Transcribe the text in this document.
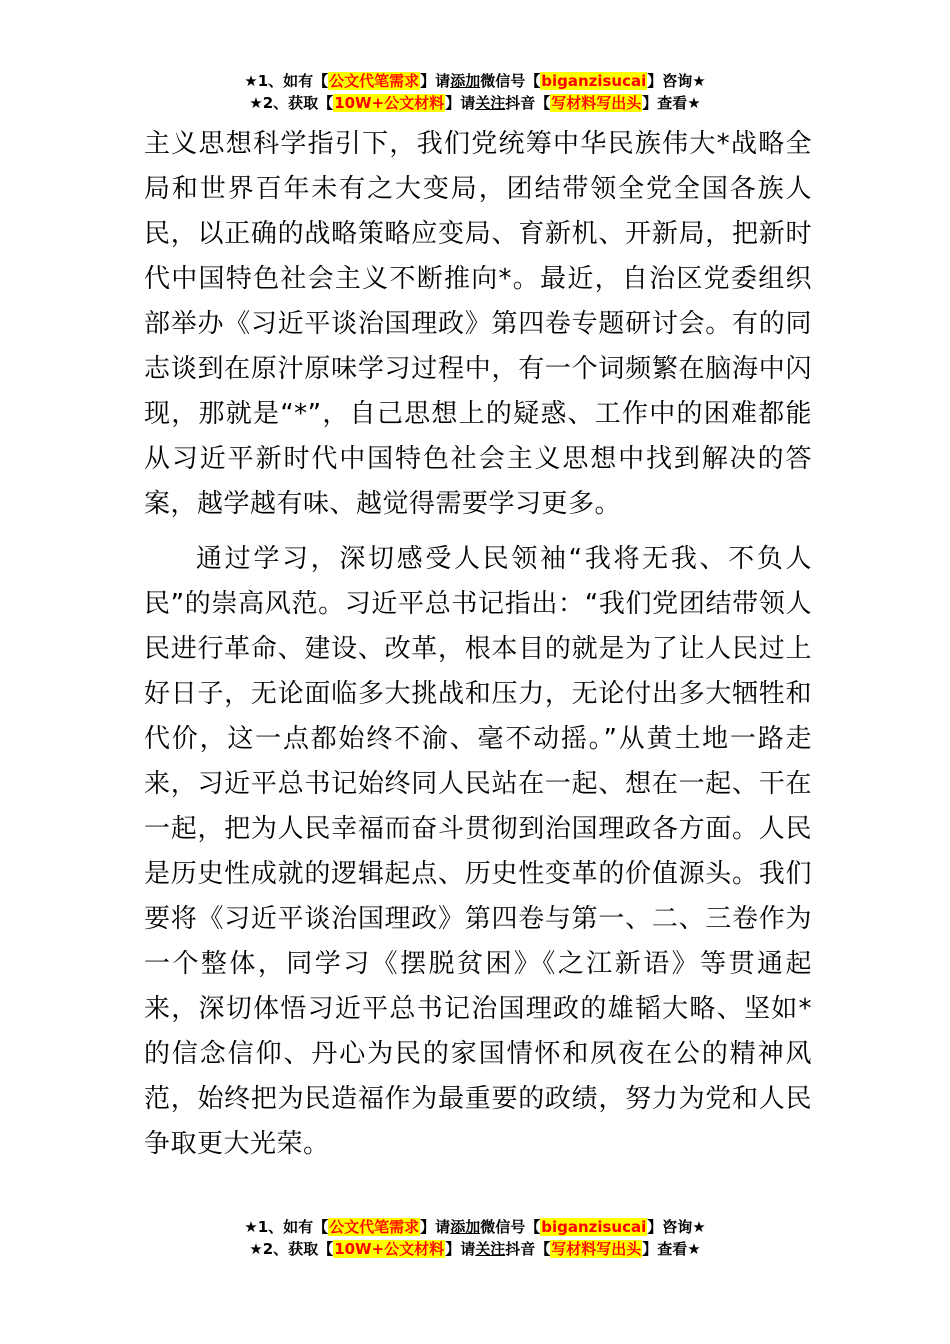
★1、如有【公文代笔需求】请添加微信号【biganzisucai】咨询★
★2、获取【10W+公文材料】请关注抖音【写材料写出头】查看★

主义思想科学指引下，我们党统筹中华民族伟大*战略全局和世界百年未有之大变局，团结带领全党全国各族人民，以正确的战略策略应变局、育新机、开新局，把新时代中国特色社会主义不断推向*。最近，自治区党委组织部举办《习近平谈治国理政》第四卷专题研讨会。有的同志谈到在原汁原味学习过程中，有一个词频繁在脑海中闪现，那就是“*”，自己思想上的疑惑、工作中的困难都能从习近平新时代中国特色社会主义思想中找到解决的答案，越学越有味、越觉得需要学习更多。

通过学习，深切感受人民领袖“我将无我、不负人民”的崇高风范。习近平总书记指出：“我们党团结带领人民进行革命、建设、改革，根本目的就是为了让人民过上好日子，无论面临多大挑战和压力，无论付出多大牺牲和代价，这一点都始终不渝、毫不动摇。”从黄土地一路走来，习近平总书记始终同人民站在一起、想在一起、干在一起，把为人民幸福而奋斗贯彻到治国理政各方面。人民是历史性成就的逻辑起点、历史性变革的价值源头。我们要将《习近平谈治国理政》第四卷与第一、二、三卷作为一个整体，同学习《摆脱贫困》《之江新语》等贯通起来，深切体悟习近平总书记治国理政的雄韬大略、坚如*的信念信仰、丹心为民的家国情怀和夙夜在公的精神风范，始终把为民造福作为最重要的政绩，努力为党和人民争取更大光荣。

★1、如有【公文代笔需求】请添加微信号【biganzisucai】咨询★
★2、获取【10W+公文材料】请关注抖音【写材料写出头】查看★
